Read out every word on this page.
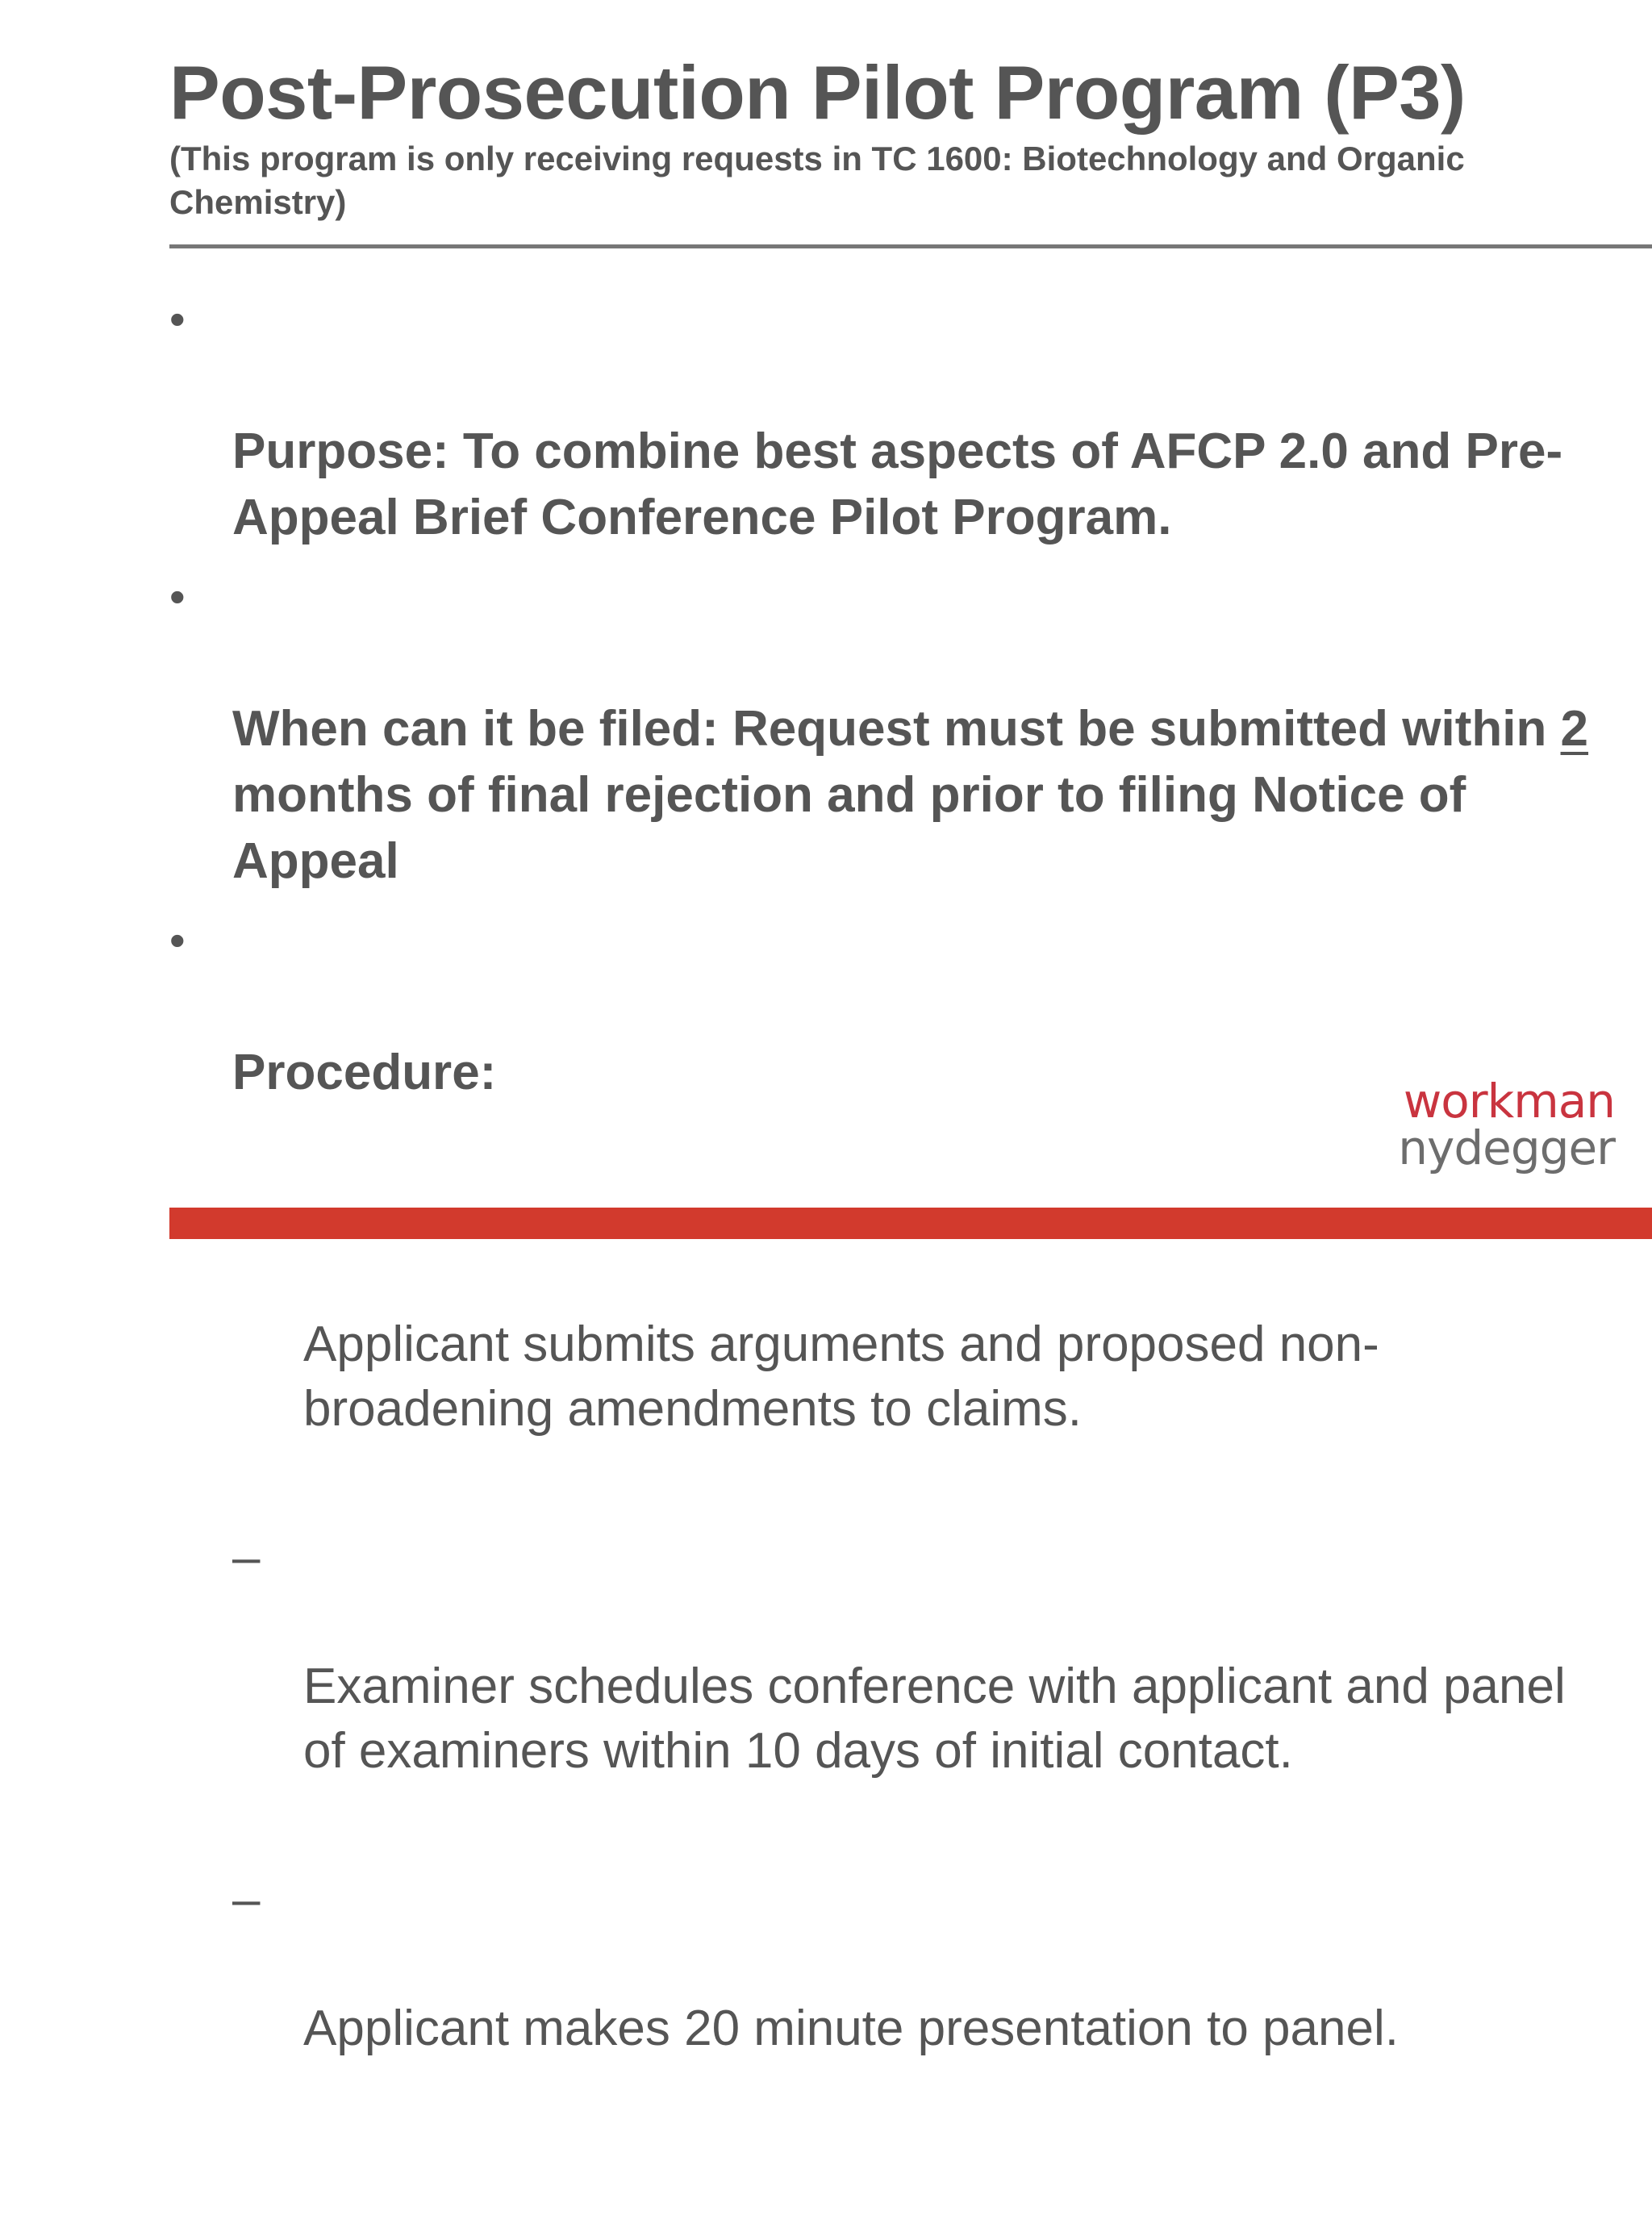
Post-Prosecution Pilot Program (P3)

(This program is only receiving requests in TC 1600: Biotechnology and Organic Chemistry)

•

Purpose: To combine best aspects of AFCP 2.0 and Pre-Appeal Brief Conference Pilot Program.

•

When can it be filed: Request must be submitted within 2 months of final rejection and prior to filing Notice of Appeal

•

Procedure:

Applicant submits arguments and proposed non-broadening amendments to claims.

–

Examiner schedules conference with applicant and panel of examiners within 10 days of initial contact.

–

Applicant makes 20 minute presentation to panel.

workman
nydegger
